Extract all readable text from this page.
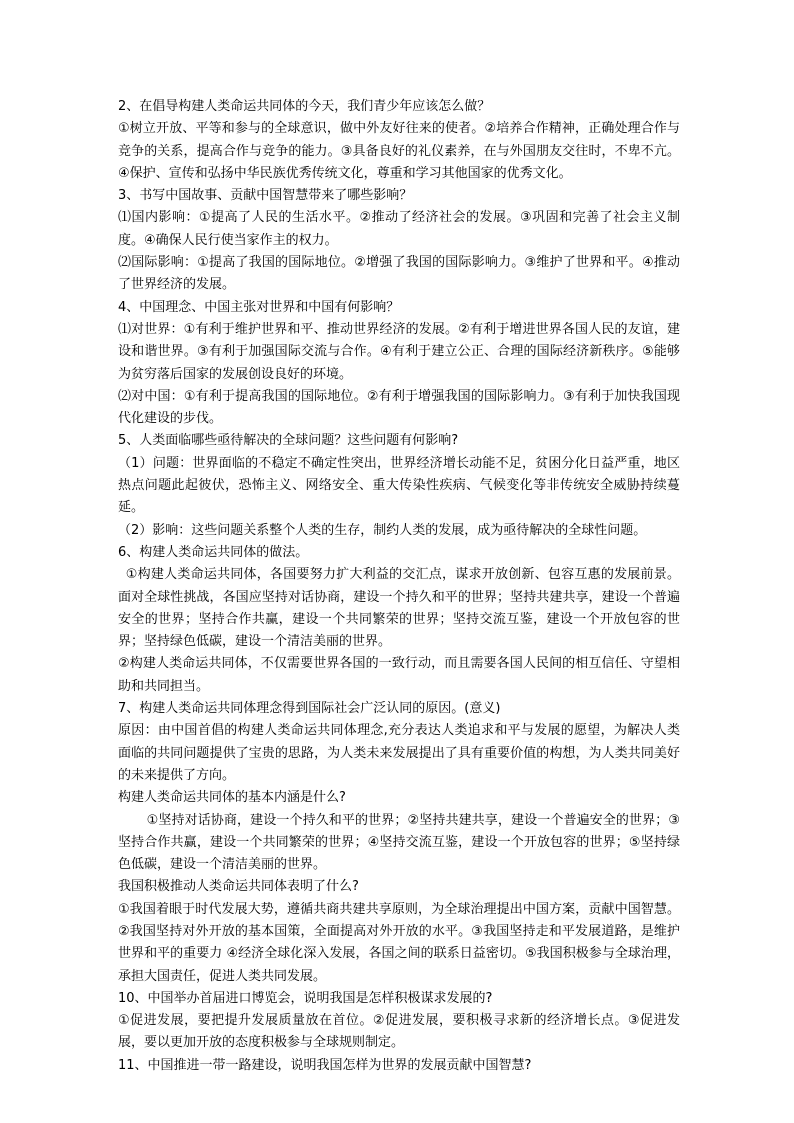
2、在倡导构建人类命运共同体的今天，我们青少年应该怎么做？

①树立开放、平等和参与的全球意识，做中外友好往来的使者。②培养合作精神，正确处理合作与竞争的关系，提高合作与竞争的能力。③具备良好的礼仪素养，在与外国朋友交往时，不卑不亢。④保护、宣传和弘扬中华民族优秀传统文化，尊重和学习其他国家的优秀文化。

3、书写中国故事、贡献中国智慧带来了哪些影响？

⑴国内影响：①提高了人民的生活水平。②推动了经济社会的发展。③巩固和完善了社会主义制度。④确保人民行使当家作主的权力。

⑵国际影响：①提高了我国的国际地位。②增强了我国的国际影响力。③维护了世界和平。④推动了世界经济的发展。

4、中国理念、中国主张对世界和中国有何影响？

⑴对世界：①有利于维护世界和平、推动世界经济的发展。②有利于增进世界各国人民的友谊，建设和谐世界。③有利于加强国际交流与合作。④有利于建立公正、合理的国际经济新秩序。⑤能够为贫穷落后国家的发展创设良好的环境。

⑵对中国：①有利于提高我国的国际地位。②有利于增强我国的国际影响力。③有利于加快我国现代化建设的步伐。

5、人类面临哪些亟待解决的全球问题？这些问题有何影响?

（1）问题：世界面临的不稳定不确定性突出，世界经济增长动能不足，贫困分化日益严重，地区热点问题此起彼伏，恐怖主义、网络安全、重大传染性疾病、气候变化等非传统安全威胁持续蔓延。

（2）影响：这些问题关系整个人类的生存，制约人类的发展，成为亟待解决的全球性问题。

6、构建人类命运共同体的做法。

①构建人类命运共同体，各国要努力扩大利益的交汇点，谋求开放创新、包容互惠的发展前景。面对全球性挑战，各国应坚持对话协商，建设一个持久和平的世界；坚持共建共享，建设一个普遍安全的世界；坚持合作共赢，建设一个共同繁荣的世界；坚持交流互鉴，建设一个开放包容的世界；坚持绿色低碳，建设一个清洁美丽的世界。

②构建人类命运共同体，不仅需要世界各国的一致行动，而且需要各国人民间的相互信任、守望相助和共同担当。

7、构建人类命运共同体理念得到国际社会广泛认同的原因。(意义)

原因：由中国首倡的构建人类命运共同体理念,充分表达人类追求和平与发展的愿望，为解决人类面临的共同问题提供了宝贵的思路，为人类未来发展提出了具有重要价值的构想，为人类共同美好的未来提供了方向。

构建人类命运共同体的基本内涵是什么?

①坚持对话协商，建设一个持久和平的世界；②坚持共建共享，建设一个普遍安全的世界；③坚持合作共赢，建设一个共同繁荣的世界；④坚持交流互鉴，建设一个开放包容的世界；⑤坚持绿色低碳，建设一个清洁美丽的世界。

我国积极推动人类命运共同体表明了什么?

①我国着眼于时代发展大势，遵循共商共建共享原则，为全球治理提出中国方案，贡献中国智慧。②我国坚持对外开放的基本国策，全面提高对外开放的水平。③我国坚持走和平发展道路，是维护世界和平的重要力 ④经济全球化深入发展，各国之间的联系日益密切。⑤我国积极参与全球治理，承担大国责任，促进人类共同发展。

10、中国举办首届进口博览会，说明我国是怎样积极谋求发展的?

①促进发展，要把提升发展质量放在首位。②促进发展，要积极寻求新的经济增长点。③促进发展，要以更加开放的态度积极参与全球规则制定。

11、中国推进一带一路建设，说明我国怎样为世界的发展贡献中国智慧?
